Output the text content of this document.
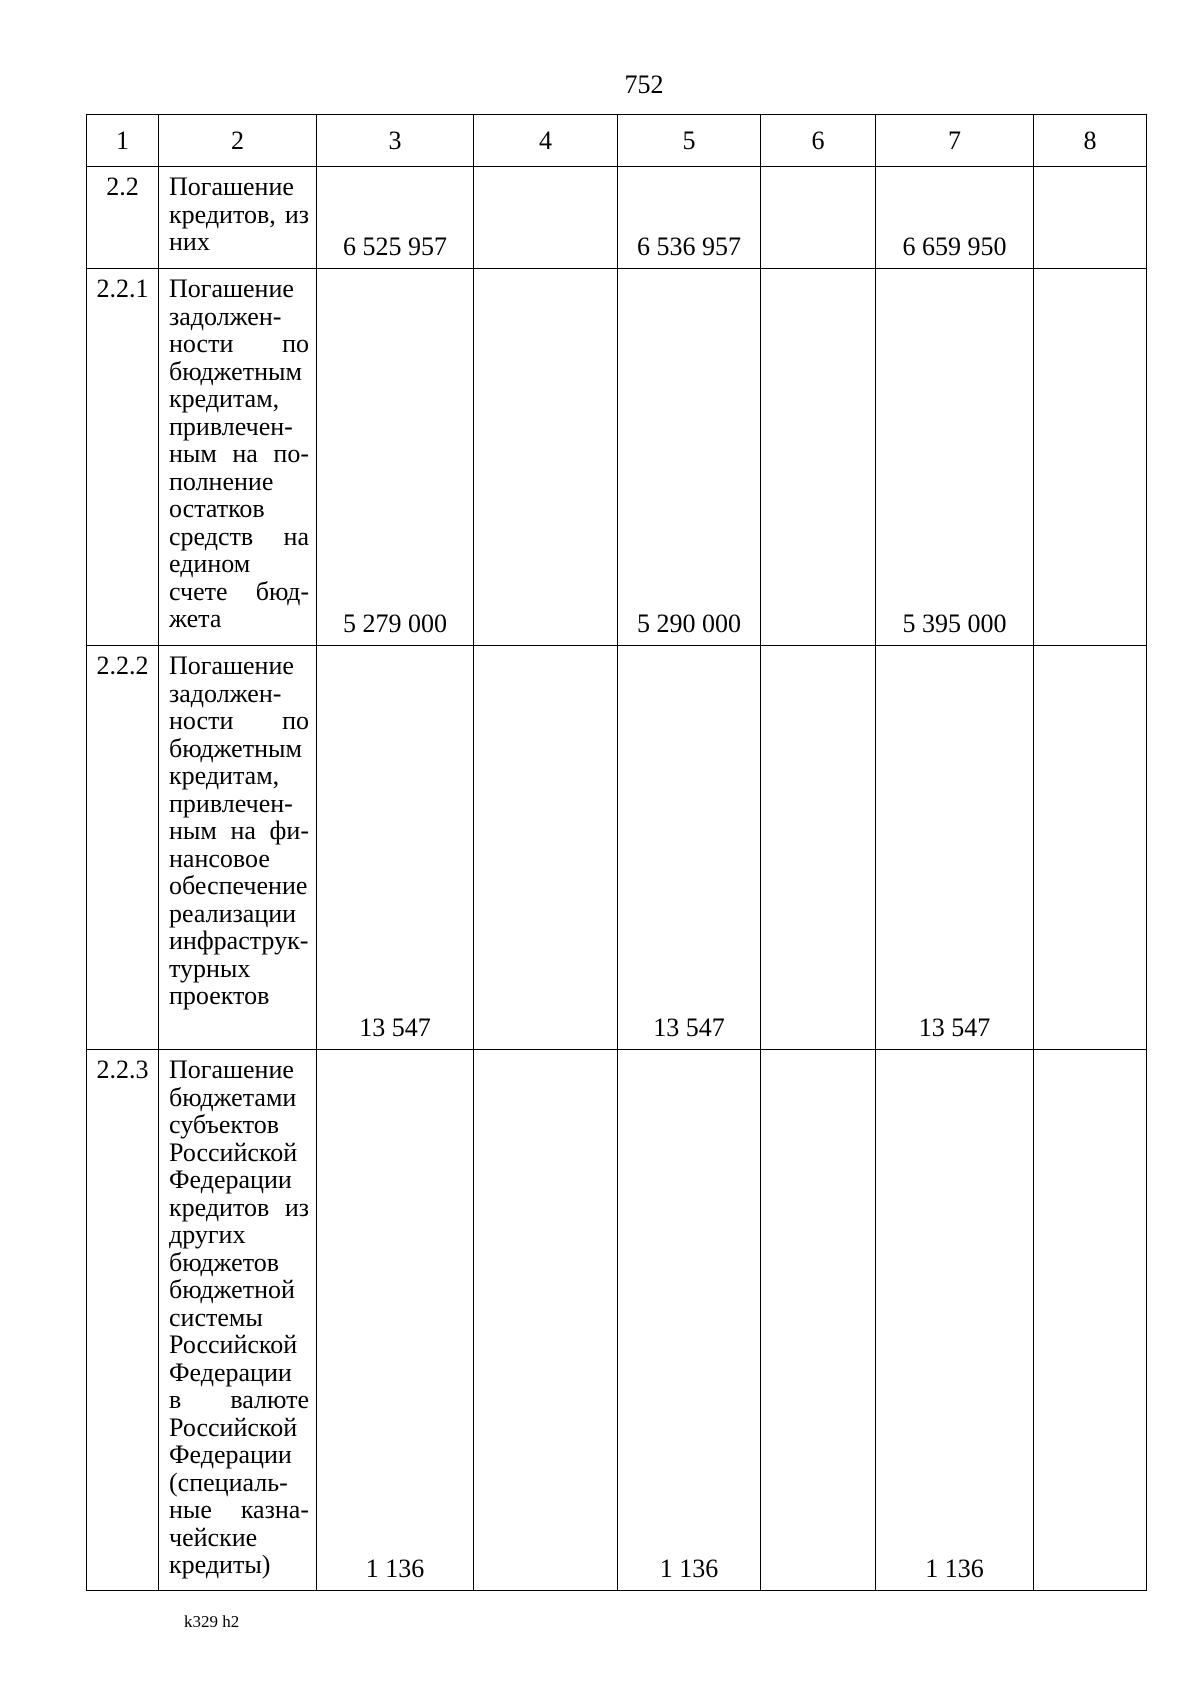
752
1	2	3	4	5	6	7	8
2.2	Погашение кредитов, из них	6 525 957		6 536 957		6 659 950	
2.2.1	Погашение задолженности по бюджетным кредитам, привлеченным на пополнение остатков средств на едином счете бюджета	5 279 000		5 290 000		5 395 000	
2.2.2	Погашение задолженности по бюджетным кредитам, привлеченным на финансовое обеспечение реализации инфраструктурных проектов	13 547		13 547		13 547	
2.2.3	Погашение бюджетами субъектов Российской Федерации кредитов из других бюджетов бюджетной системы Российской Федерации в валюте Российской Федерации (специальные казначейские кредиты)	1 136		1 136		1 136	
k329 h2
